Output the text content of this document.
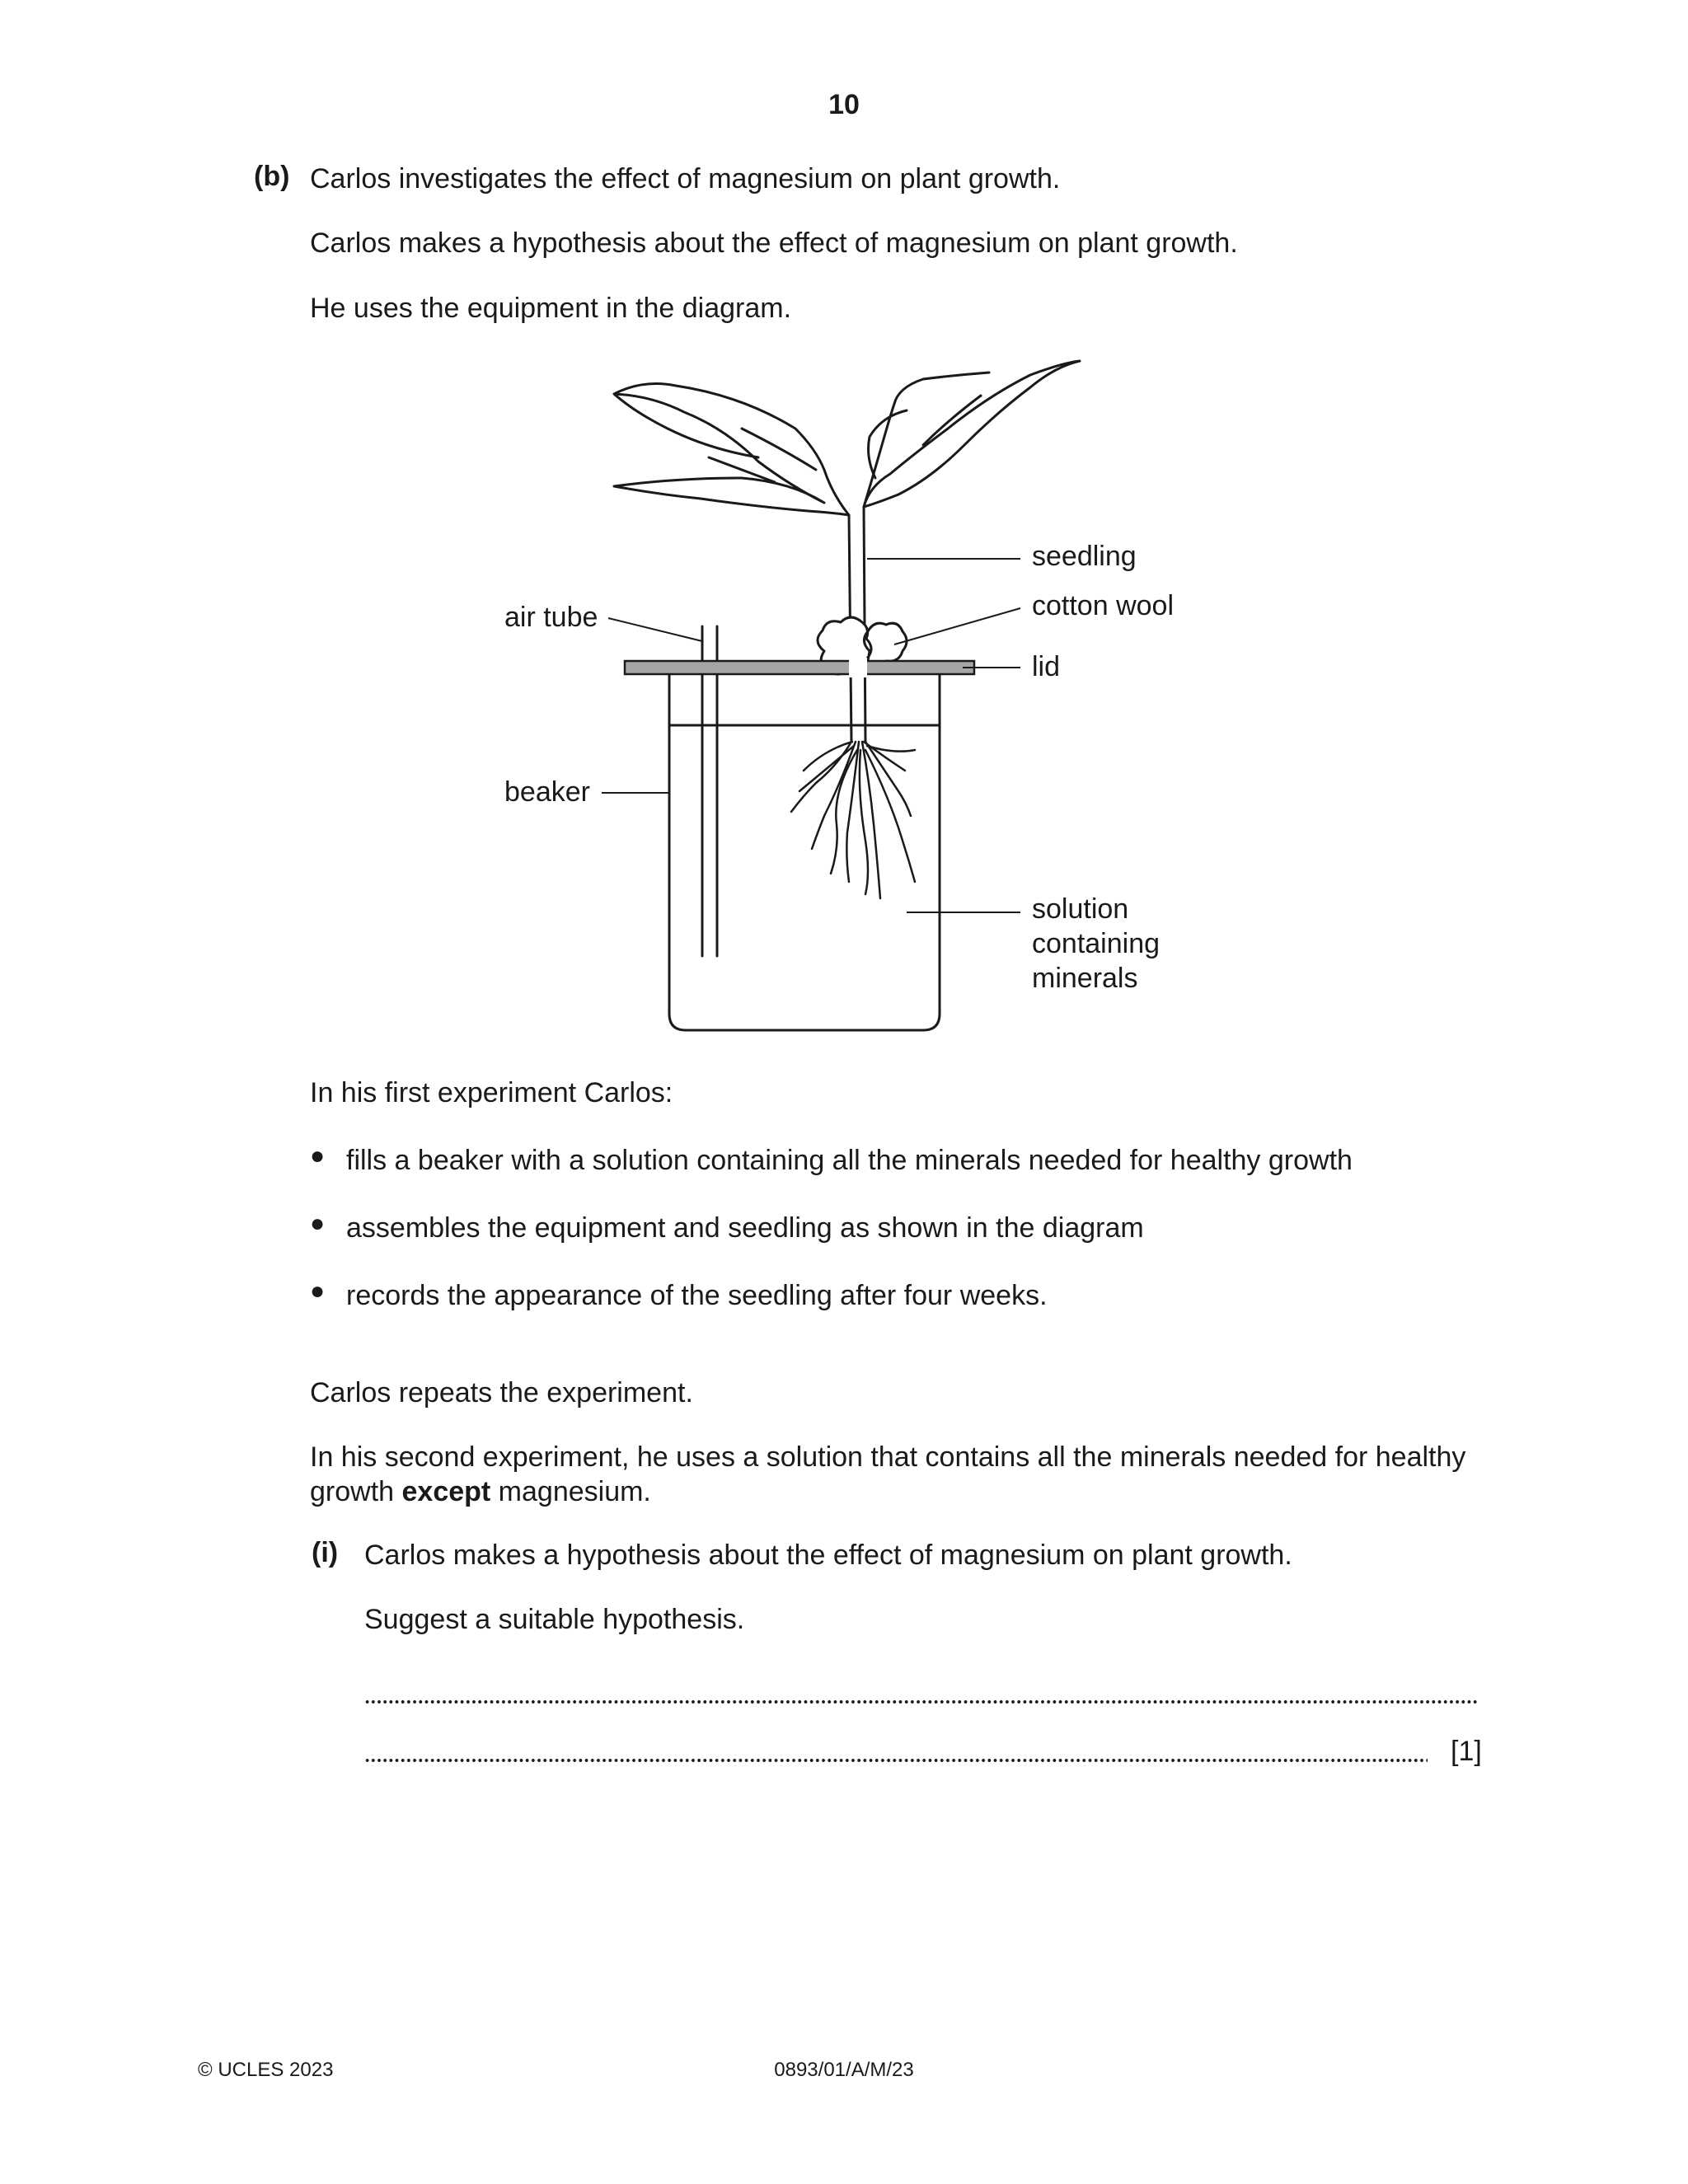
10
(b) Carlos investigates the effect of magnesium on plant growth.
Carlos makes a hypothesis about the effect of magnesium on plant growth.
He uses the equipment in the diagram.
seedling
cotton wool
air tube
lid
beaker
solution
containing
minerals
In his first experiment Carlos:
● fills a beaker with a solution containing all the minerals needed for healthy growth
● assembles the equipment and seedling as shown in the diagram
● records the appearance of the seedling after four weeks.
Carlos repeats the experiment.
In his second experiment, he uses a solution that contains all the minerals needed for healthy growth except magnesium.
(i) Carlos makes a hypothesis about the effect of magnesium on plant growth.
Suggest a suitable hypothesis.
[1]
© UCLES 2023	0893/01/A/M/23
